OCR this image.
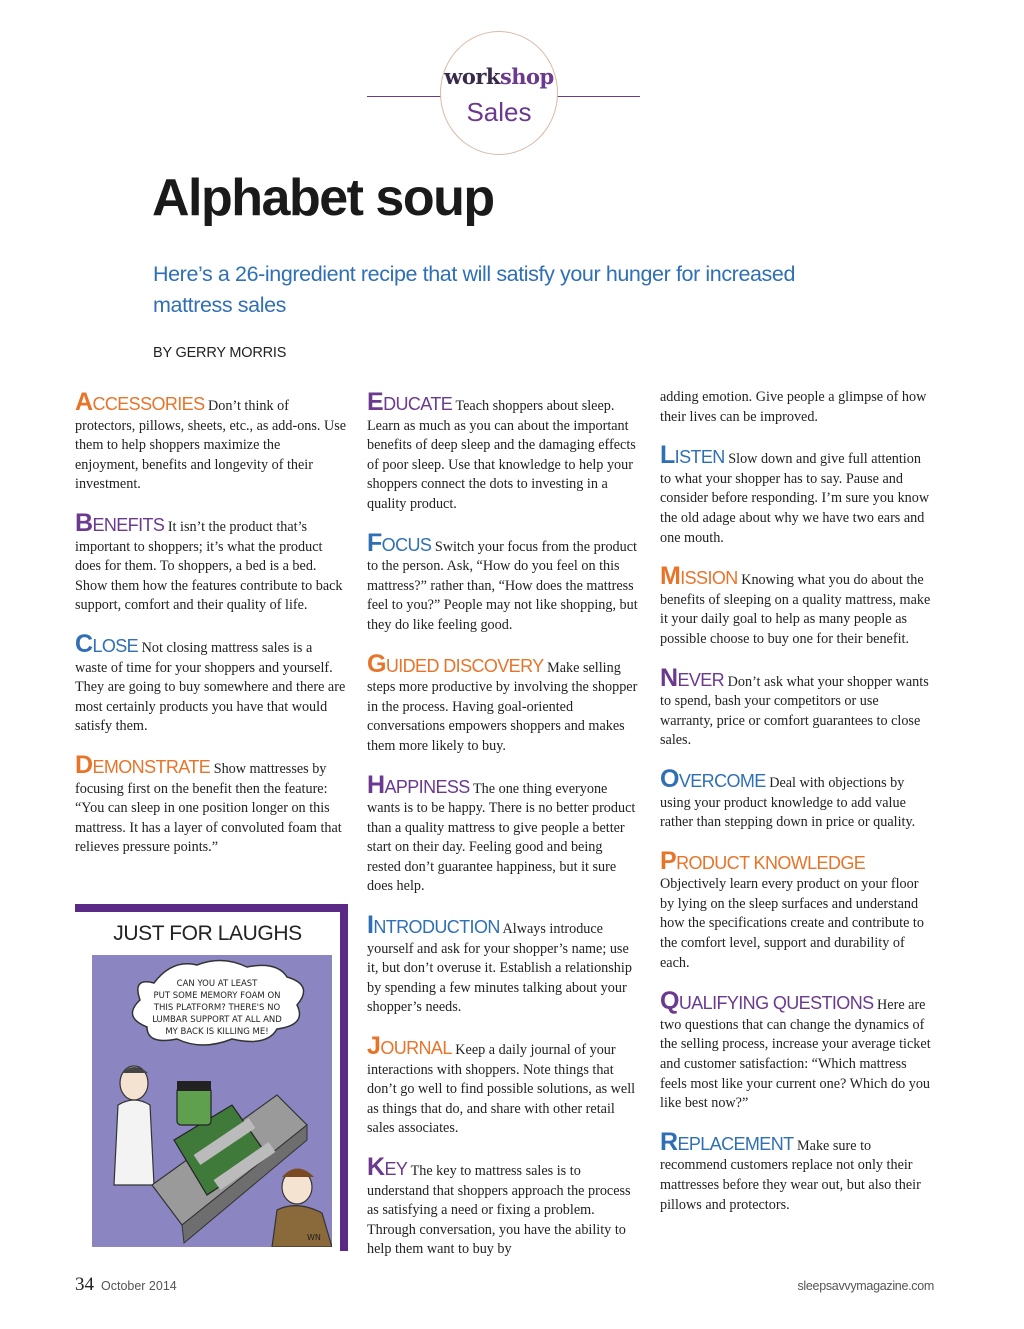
workshop
Sales
Alphabet soup
Here’s a 26-ingredient recipe that will satisfy your hunger for increased mattress sales
BY GERRY MORRIS

ACCESSORIES Don’t think of protectors, pillows, sheets, etc., as add-ons. Use them to help shoppers maximize the enjoyment, benefits and longevity of their investment.

BENEFITS It isn’t the product that’s important to shoppers; it’s what the product does for them. To shoppers, a bed is a bed. Show them how the features contribute to back support, comfort and their quality of life.

CLOSE Not closing mattress sales is a waste of time for your shoppers and yourself. They are going to buy somewhere and there are most certainly products you have that would satisfy them.

DEMONSTRATE Show mattresses by focusing first on the benefit then the feature: “You can sleep in one position longer on this mattress. It has a layer of convoluted foam that relieves pressure points.”

JUST FOR LAUGHS
CAN YOU AT LEAST
PUT SOME MEMORY FOAM ON
THIS PLATFORM? THERE'S NO
LUMBAR SUPPORT AT ALL AND
MY BACK IS KILLING ME!
WN

EDUCATE Teach shoppers about sleep. Learn as much as you can about the important benefits of deep sleep and the damaging effects of poor sleep. Use that knowledge to help your shoppers connect the dots to investing in a quality product.

FOCUS Switch your focus from the product to the person. Ask, “How do you feel on this mattress?” rather than, “How does the mattress feel to you?” People may not like shopping, but they do like feeling good.

GUIDED DISCOVERY Make selling steps more productive by involving the shopper in the process. Having goal-oriented conversations empowers shoppers and makes them more likely to buy.

HAPPINESS The one thing everyone wants is to be happy. There is no better product than a quality mattress to give people a better start on their day. Feeling good and being rested don’t guarantee happiness, but it sure does help.

INTRODUCTION Always introduce yourself and ask for your shopper’s name; use it, but don’t overuse it. Establish a relationship by spending a few minutes talking about your shopper’s needs.

JOURNAL Keep a daily journal of your interactions with shoppers. Note things that don’t go well to find possible solutions, as well as things that do, and share with other retail sales associates.

KEY The key to mattress sales is to understand that shoppers approach the process as satisfying a need or fixing a problem. Through conversation, you have the ability to help them want to buy by

adding emotion. Give people a glimpse of how their lives can be improved.

LISTEN Slow down and give full attention to what your shopper has to say. Pause and consider before responding. I’m sure you know the old adage about why we have two ears and one mouth.

MISSION Knowing what you do about the benefits of sleeping on a quality mattress, make it your daily goal to help as many people as possible choose to buy one for their benefit.

NEVER Don’t ask what your shopper wants to spend, bash your competitors or use warranty, price or comfort guarantees to close sales.

OVERCOME Deal with objections by using your product knowledge to add value rather than stepping down in price or quality.

PRODUCT KNOWLEDGE Objectively learn every product on your floor by lying on the sleep surfaces and understand how the specifications create and contribute to the comfort level, support and durability of each.

QUALIFYING QUESTIONS Here are two questions that can change the dynamics of the selling process, increase your average ticket and customer satisfaction: “Which mattress feels most like your current one? Which do you like best now?”

REPLACEMENT Make sure to recommend customers replace not only their mattresses before they wear out, but also their pillows and protectors.

34 October 2014	sleepsavvymagazine.com
